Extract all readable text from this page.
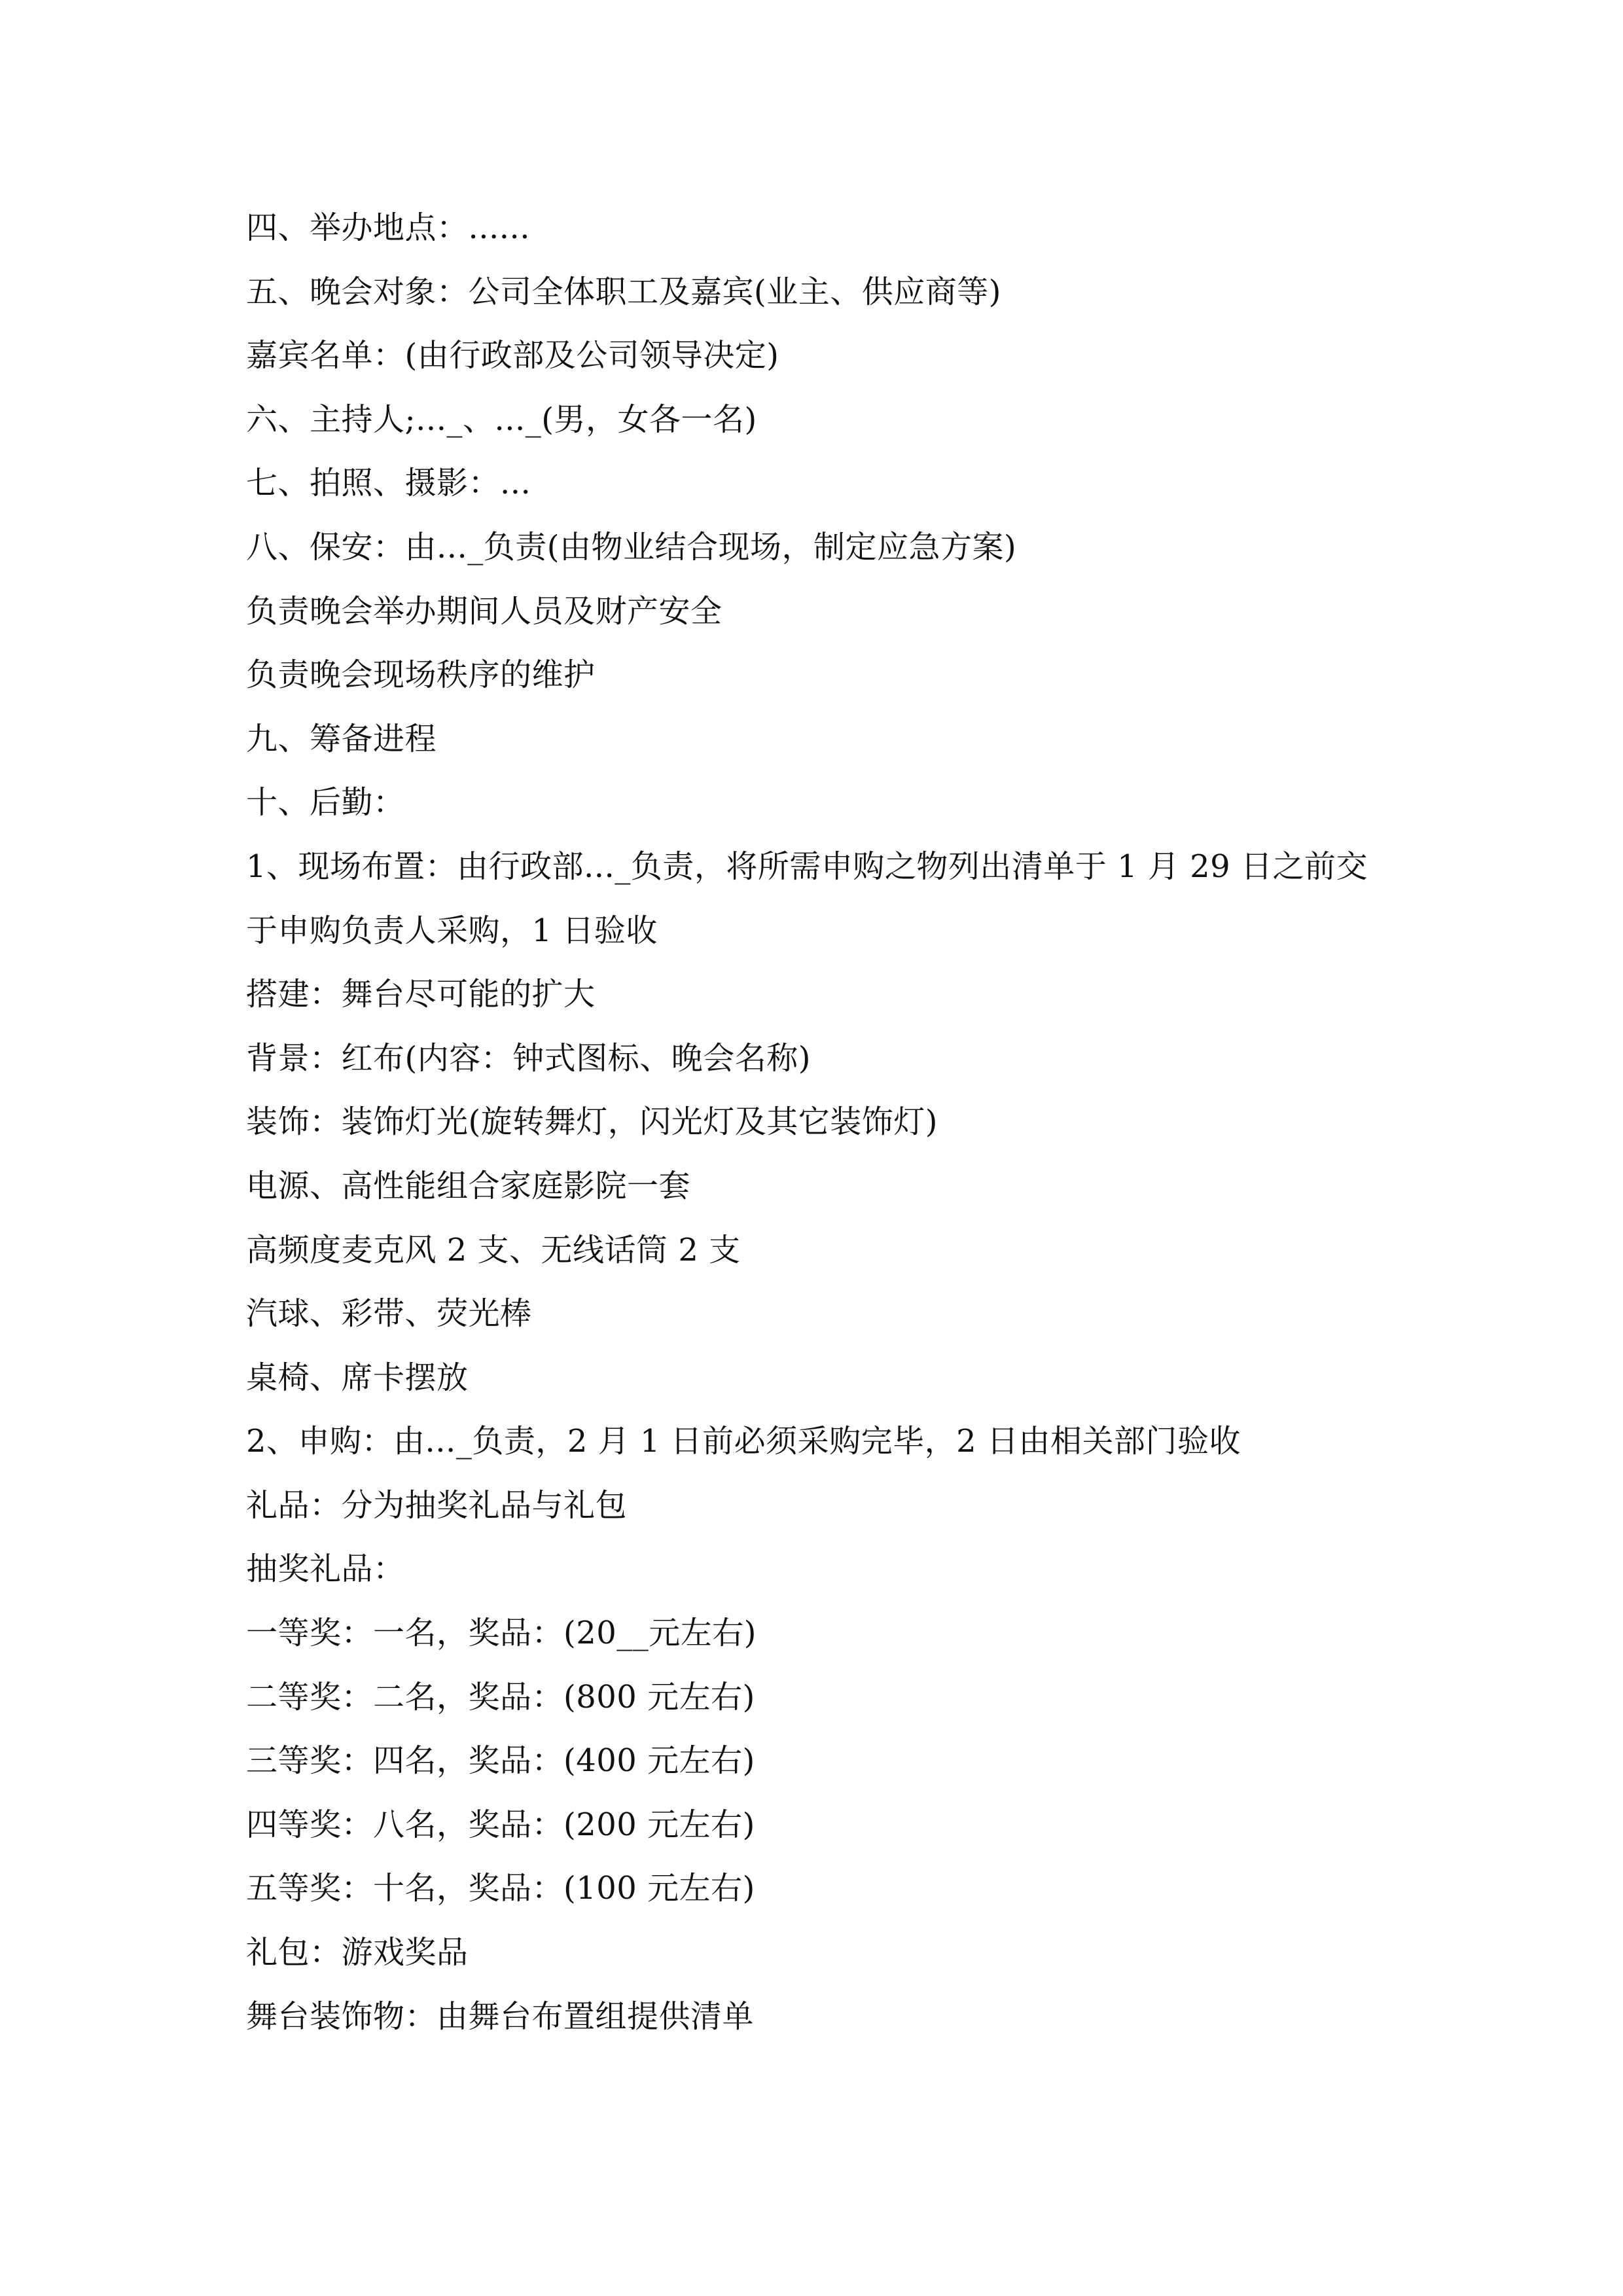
四、举办地点：......
五、晚会对象：公司全体职工及嘉宾(业主、供应商等)
嘉宾名单：(由行政部及公司领导决定)
六、主持人;..._、..._(男，女各一名)
七、拍照、摄影：...
八、保安：由..._负责(由物业结合现场，制定应急方案)
负责晚会举办期间人员及财产安全
负责晚会现场秩序的维护
九、筹备进程
十、后勤：
1、现场布置：由行政部..._负责，将所需申购之物列出清单于 1 月 29 日之前交
于申购负责人采购，1 日验收
搭建：舞台尽可能的扩大
背景：红布(内容：钟式图标、晚会名称)
装饰：装饰灯光(旋转舞灯，闪光灯及其它装饰灯)
电源、高性能组合家庭影院一套
高频度麦克风 2 支、无线话筒 2 支
汽球、彩带、荧光棒
桌椅、席卡摆放
2、申购：由..._负责，2 月 1 日前必须采购完毕，2 日由相关部门验收
礼品：分为抽奖礼品与礼包
抽奖礼品：
一等奖：一名，奖品：(20__元左右)
二等奖：二名，奖品：(800 元左右)
三等奖：四名，奖品：(400 元左右)
四等奖：八名，奖品：(200 元左右)
五等奖：十名，奖品：(100 元左右)
礼包：游戏奖品
舞台装饰物：由舞台布置组提供清单
